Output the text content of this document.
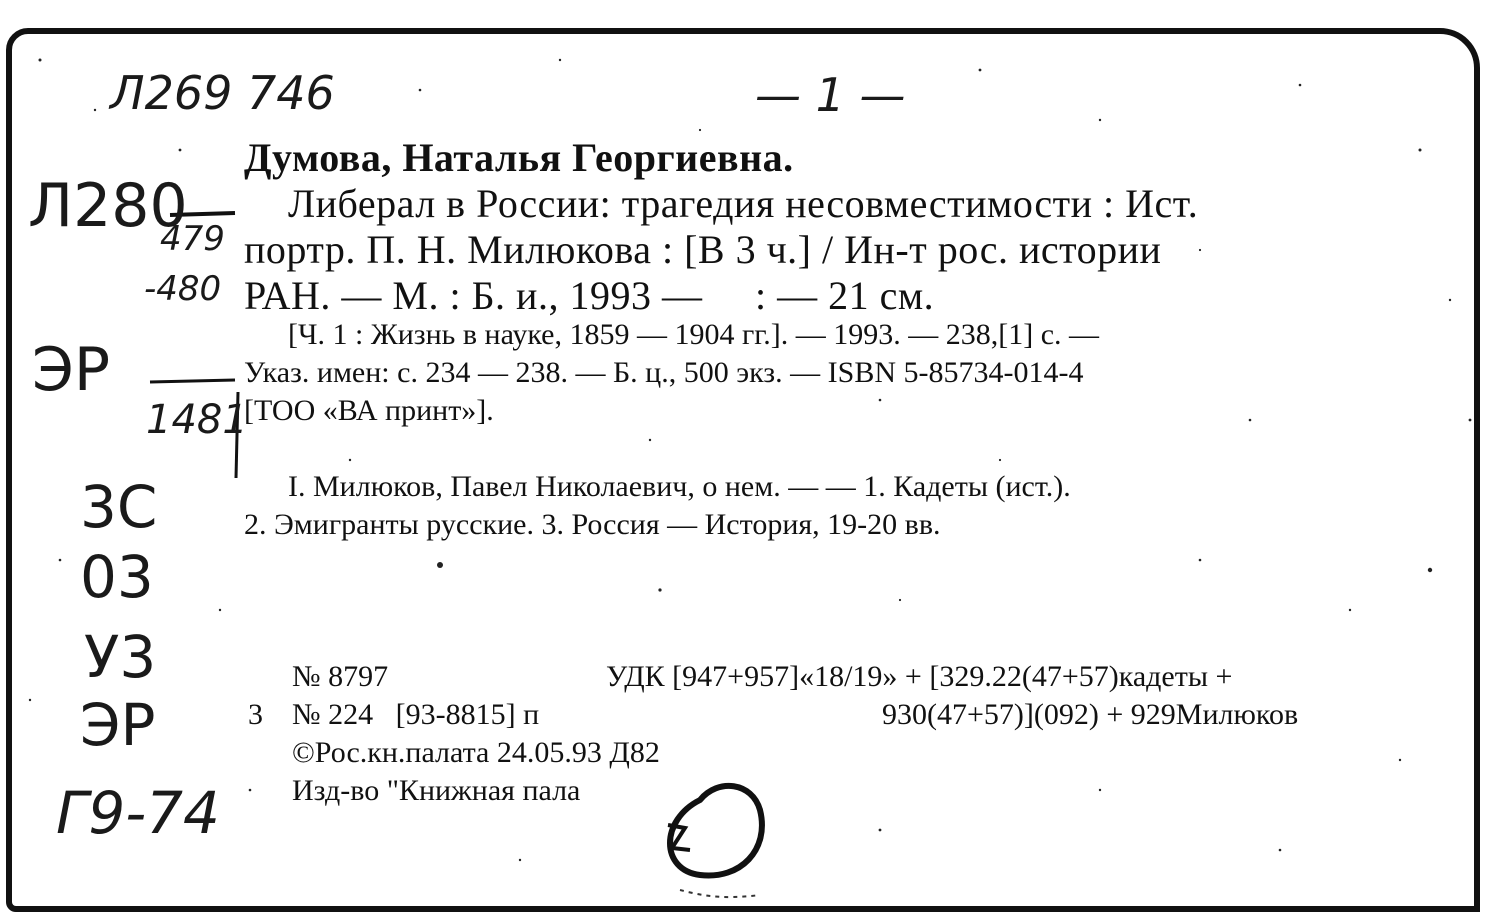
Л269 746	— 1 —
Л280
479
-480
ЭР
1481
3С
03
У3
ЭР
Г9-74
Думова, Наталья Георгиевна.
Либерал в России: трагедия несовместимости : Ист.
портр. П. Н. Милюкова : [В 3 ч.] / Ин-т рос. истории
РАН. — М. : Б. и., 1993 —     : — 21 см.
[Ч. 1 : Жизнь в науке, 1859 — 1904 гг.]. — 1993. — 238,[1] с. —
Указ. имен: с. 234 — 238. — Б. ц., 500 экз. — ISBN 5-85734-014-4
[ТОО «ВА принт»].
I. Милюков, Павел Николаевич, о нем. — — 1. Кадеты (ист.).
2. Эмигранты русские. 3. Россия — История, 19-20 вв.
№ 8797	УДК [947+957]«18/19» + [329.22(47+57)кадеты +
3 № 224   [93-8815] п	930(47+57)](092) + 929Милюков
©Рос.кн.палата 24.05.93 Д82
Изд-во "Книжная пала
